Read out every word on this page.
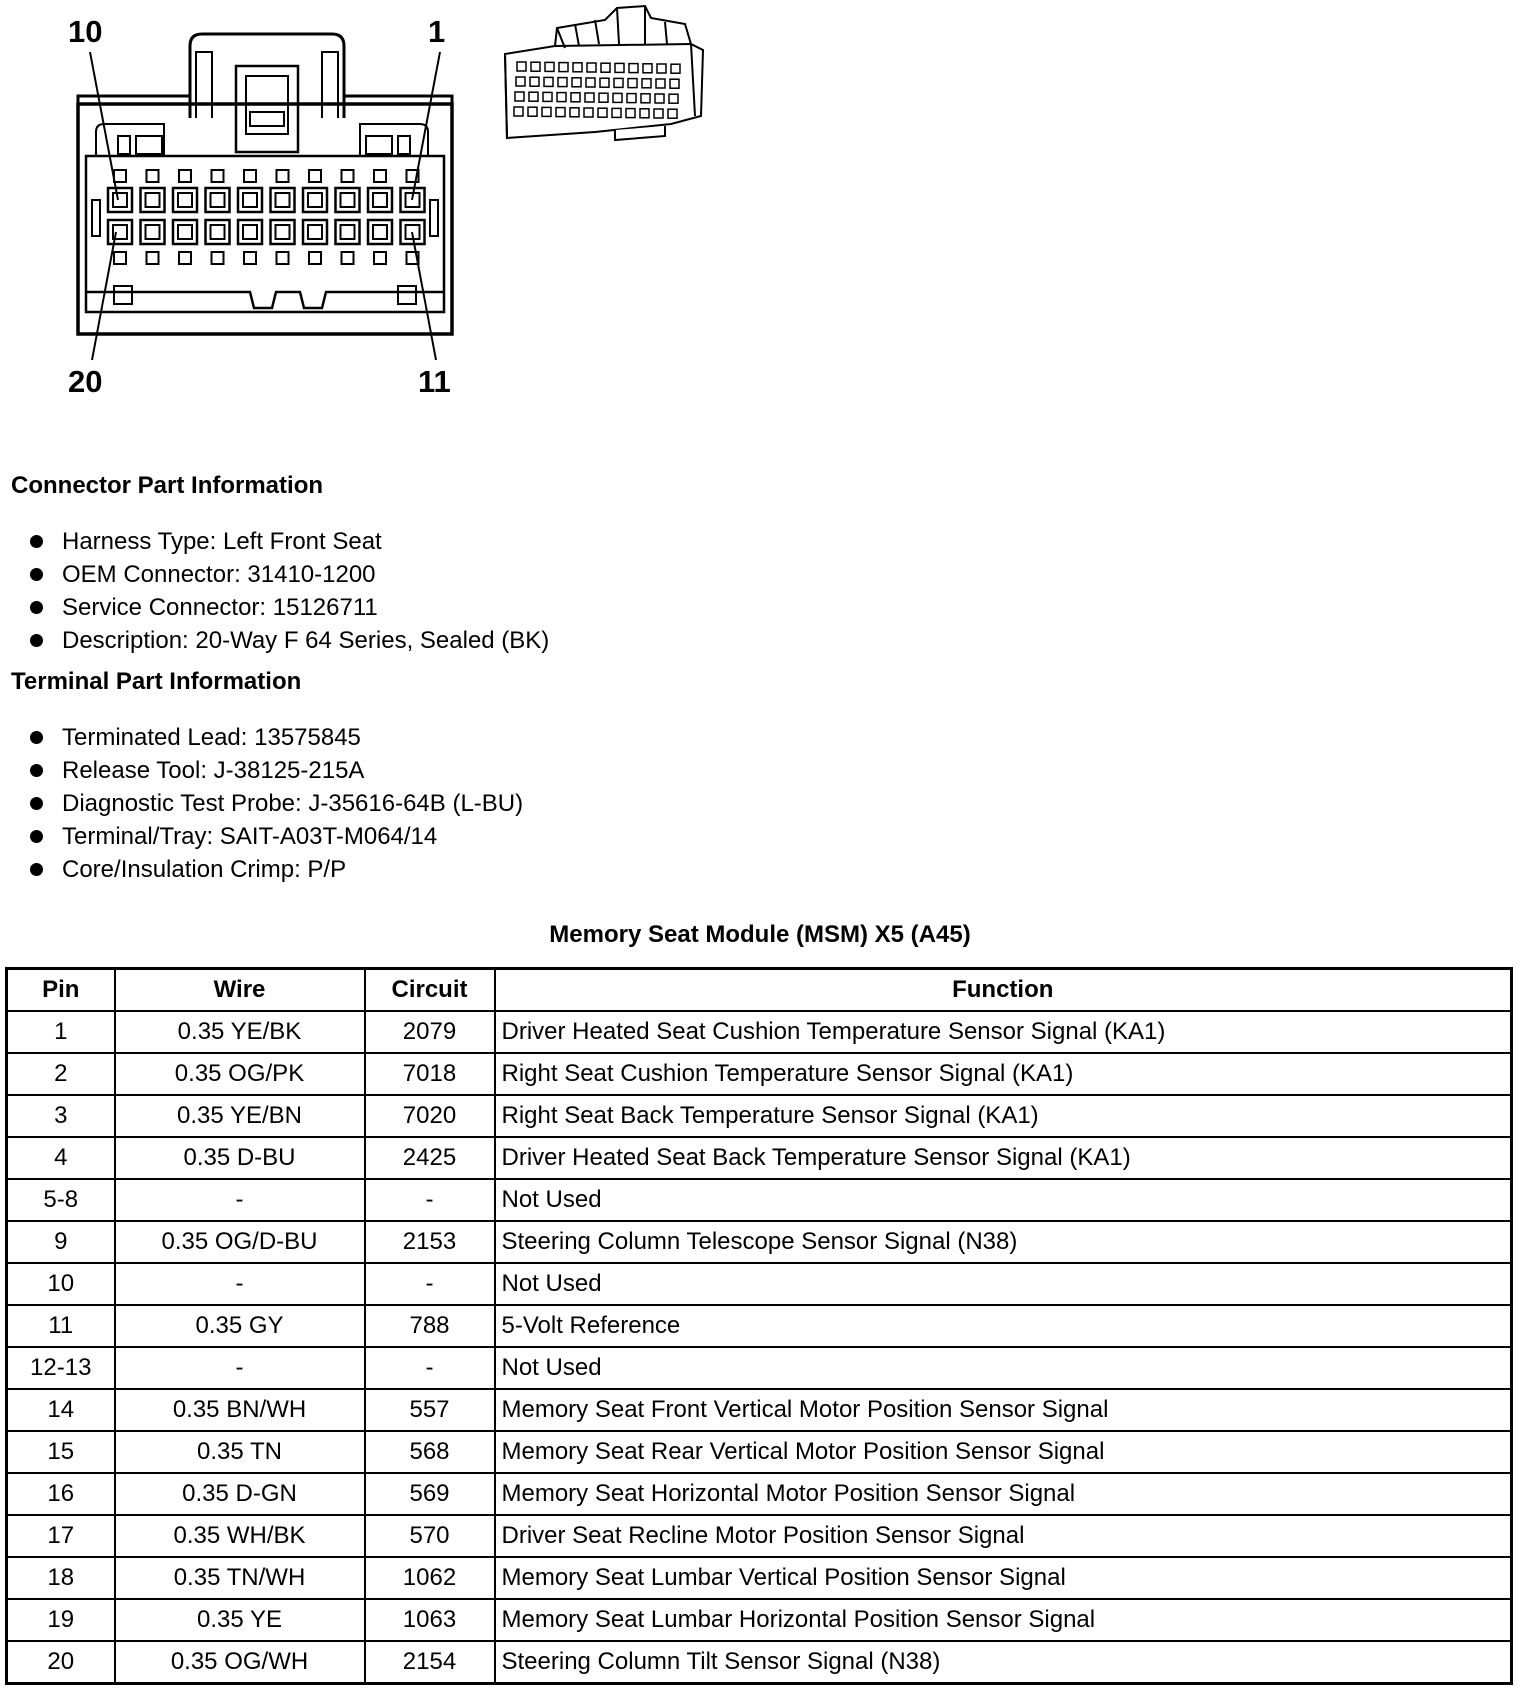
10	1
20	11
Connector Part Information
Harness Type: Left Front Seat
OEM Connector: 31410-1200
Service Connector: 15126711
Description: 20-Way F 64 Series, Sealed (BK)
Terminal Part Information
Terminated Lead: 13575845
Release Tool: J-38125-215A
Diagnostic Test Probe: J-35616-64B (L-BU)
Terminal/Tray: SAIT-A03T-M064/14
Core/Insulation Crimp: P/P
Memory Seat Module (MSM) X5 (A45)
Pin	Wire	Circuit	Function
1	0.35 YE/BK	2079	Driver Heated Seat Cushion Temperature Sensor Signal (KA1)
2	0.35 OG/PK	7018	Right Seat Cushion Temperature Sensor Signal (KA1)
3	0.35 YE/BN	7020	Right Seat Back Temperature Sensor Signal (KA1)
4	0.35 D-BU	2425	Driver Heated Seat Back Temperature Sensor Signal (KA1)
5-8	-	-	Not Used
9	0.35 OG/D-BU	2153	Steering Column Telescope Sensor Signal (N38)
10	-	-	Not Used
11	0.35 GY	788	5-Volt Reference
12-13	-	-	Not Used
14	0.35 BN/WH	557	Memory Seat Front Vertical Motor Position Sensor Signal
15	0.35 TN	568	Memory Seat Rear Vertical Motor Position Sensor Signal
16	0.35 D-GN	569	Memory Seat Horizontal Motor Position Sensor Signal
17	0.35 WH/BK	570	Driver Seat Recline Motor Position Sensor Signal
18	0.35 TN/WH	1062	Memory Seat Lumbar Vertical Position Sensor Signal
19	0.35 YE	1063	Memory Seat Lumbar Horizontal Position Sensor Signal
20	0.35 OG/WH	2154	Steering Column Tilt Sensor Signal (N38)
